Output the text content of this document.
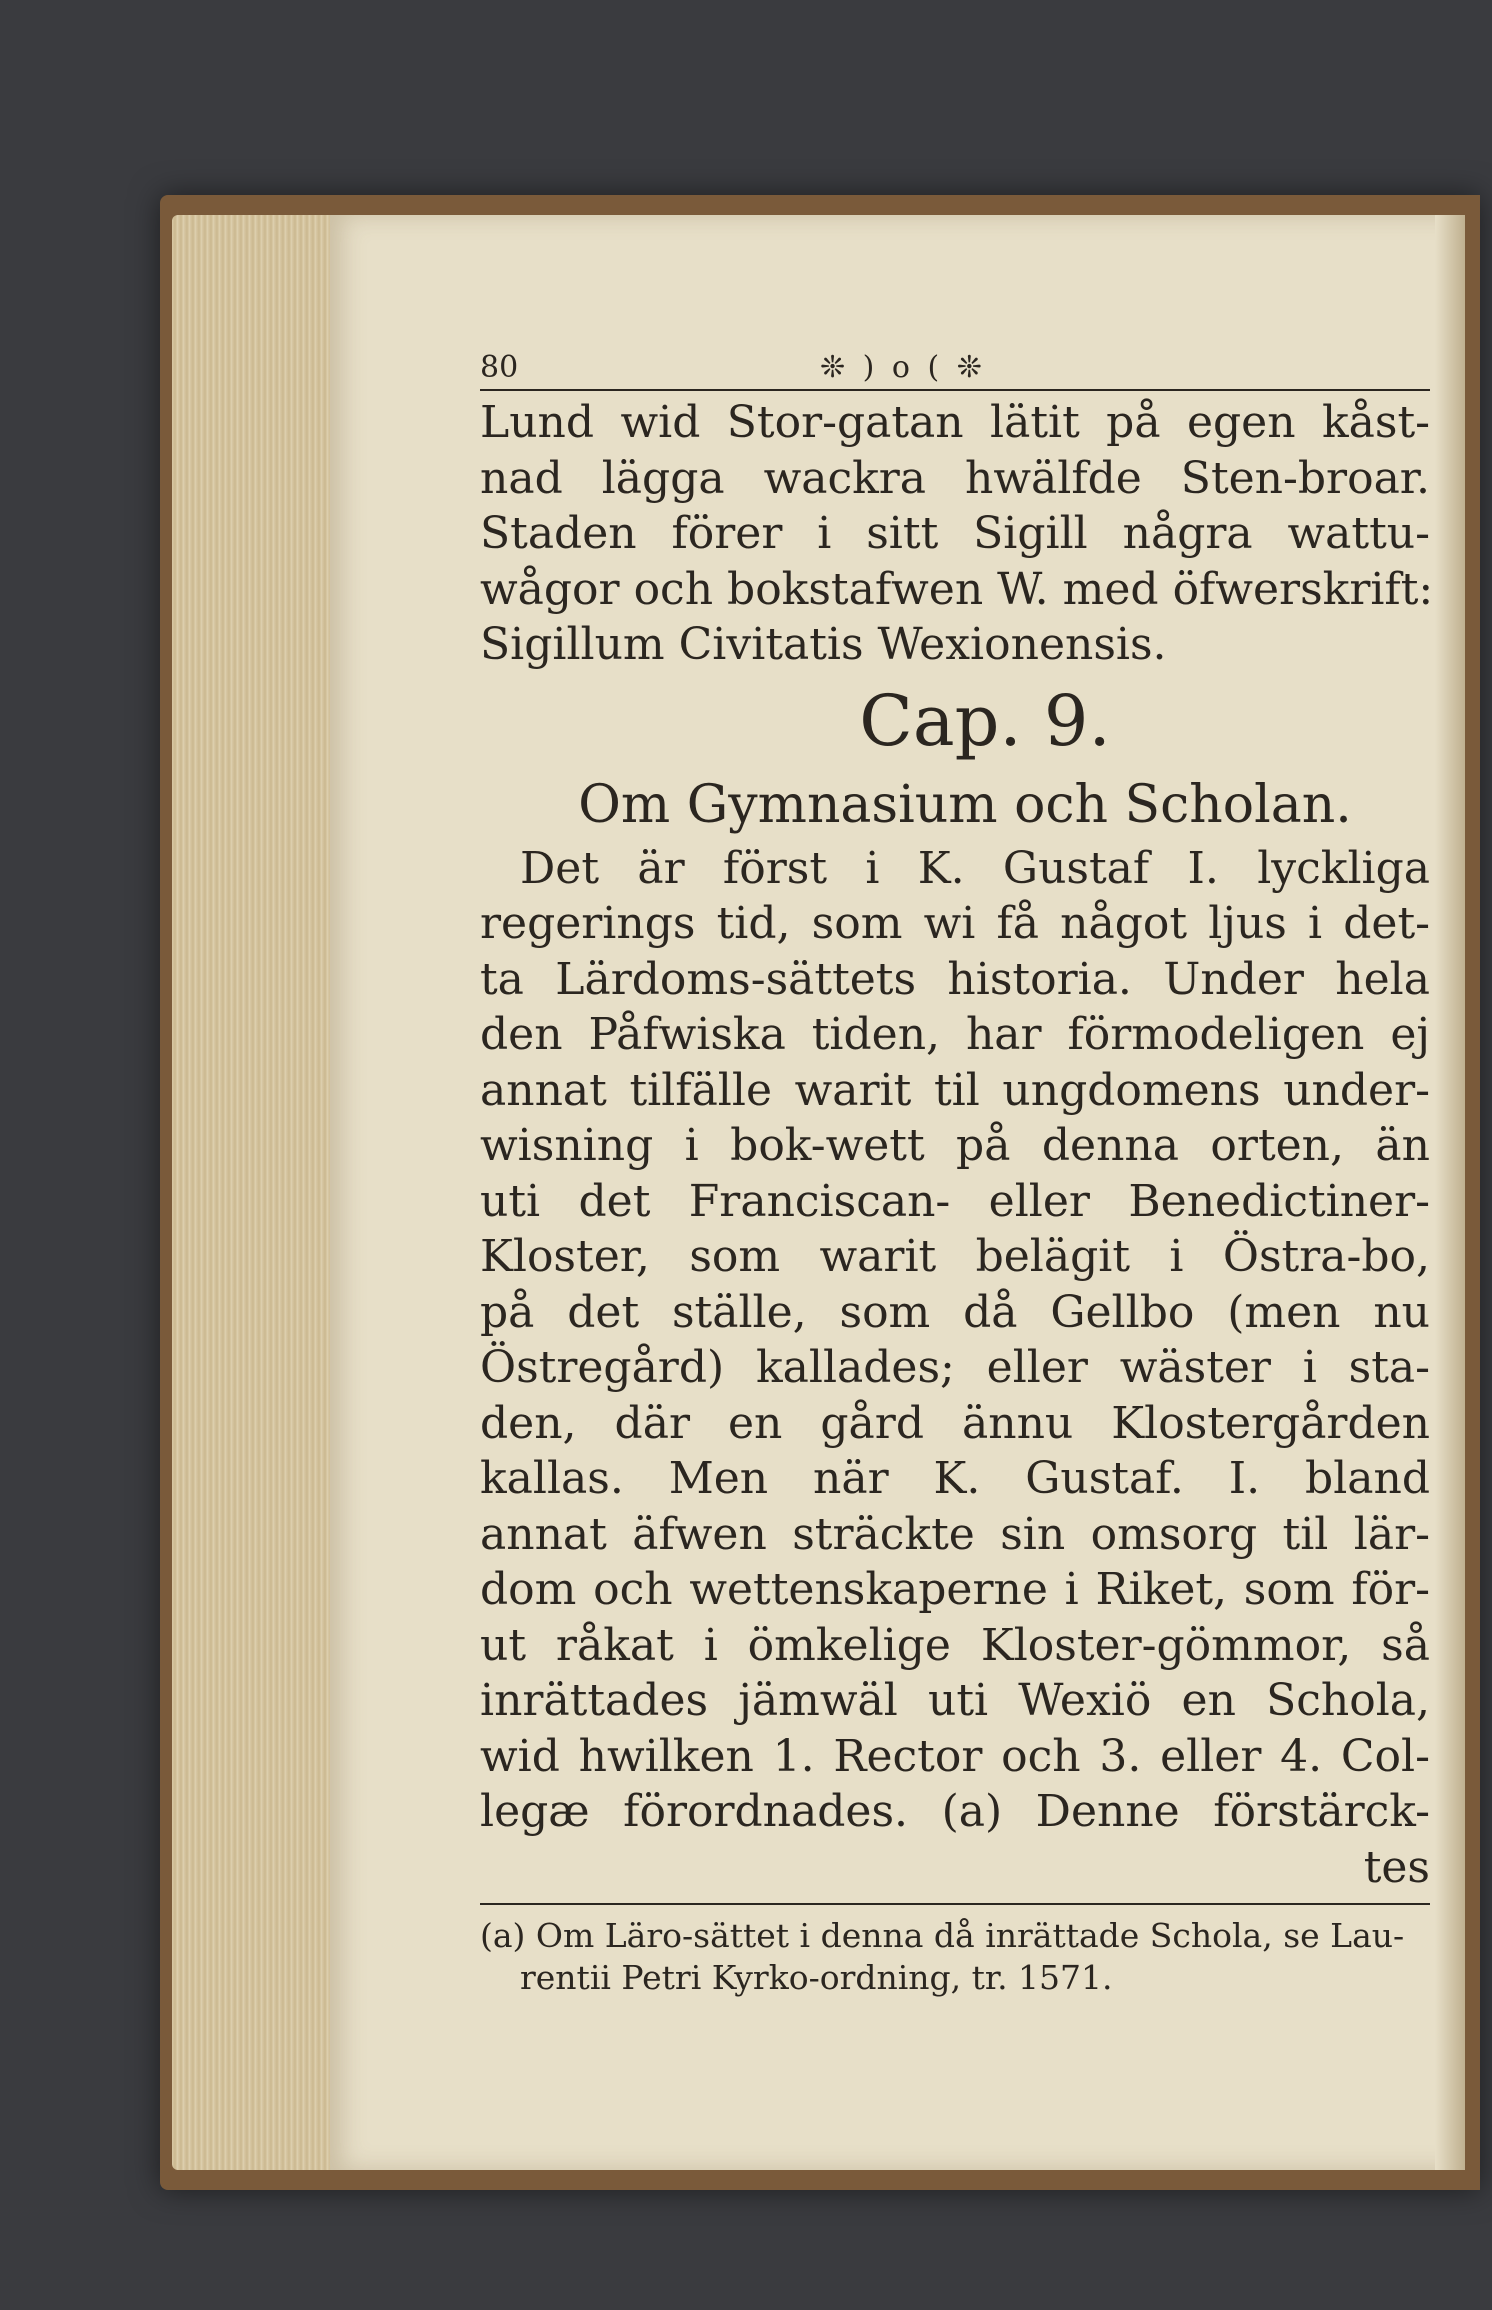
80	❊ ) o ( ❊
Lund wid Stor-gatan lätit på egen kåst-
nad lägga wackra hwälfde Sten-broar.
Staden förer i sitt Sigill några wattu-
wågor och bokstafwen W. med öfwerskrift:
Sigillum Civitatis Wexionensis.
Cap. 9.
Om Gymnasium och Scholan.
Det är först i K. Gustaf I. lyckliga
regerings tid, som wi få något ljus i det-
ta Lärdoms-sättets historia. Under hela
den Påfwiska tiden, har förmodeligen ej
annat tilfälle warit til ungdomens under-
wisning i bok-wett på denna orten, än
uti det Franciscan- eller Benedictiner-
Kloster, som warit belägit i Östra-bo,
på det ställe, som då Gellbo (men nu
Östregård) kallades; eller wäster i sta-
den, där en gård ännu Klostergården
kallas. Men när K. Gustaf. I. bland
annat äfwen sträckte sin omsorg til lär-
dom och wettenskaperne i Riket, som för-
ut råkat i ömkelige Kloster-gömmor, så
inrättades jämwäl uti Wexiö en Schola,
wid hwilken 1. Rector och 3. eller 4. Col-
legæ förordnades. (a) Denne förstärck-
tes
(a) Om Läro-sättet i denna då inrättade Schola, se Lau-
rentii Petri Kyrko-ordning, tr. 1571.
